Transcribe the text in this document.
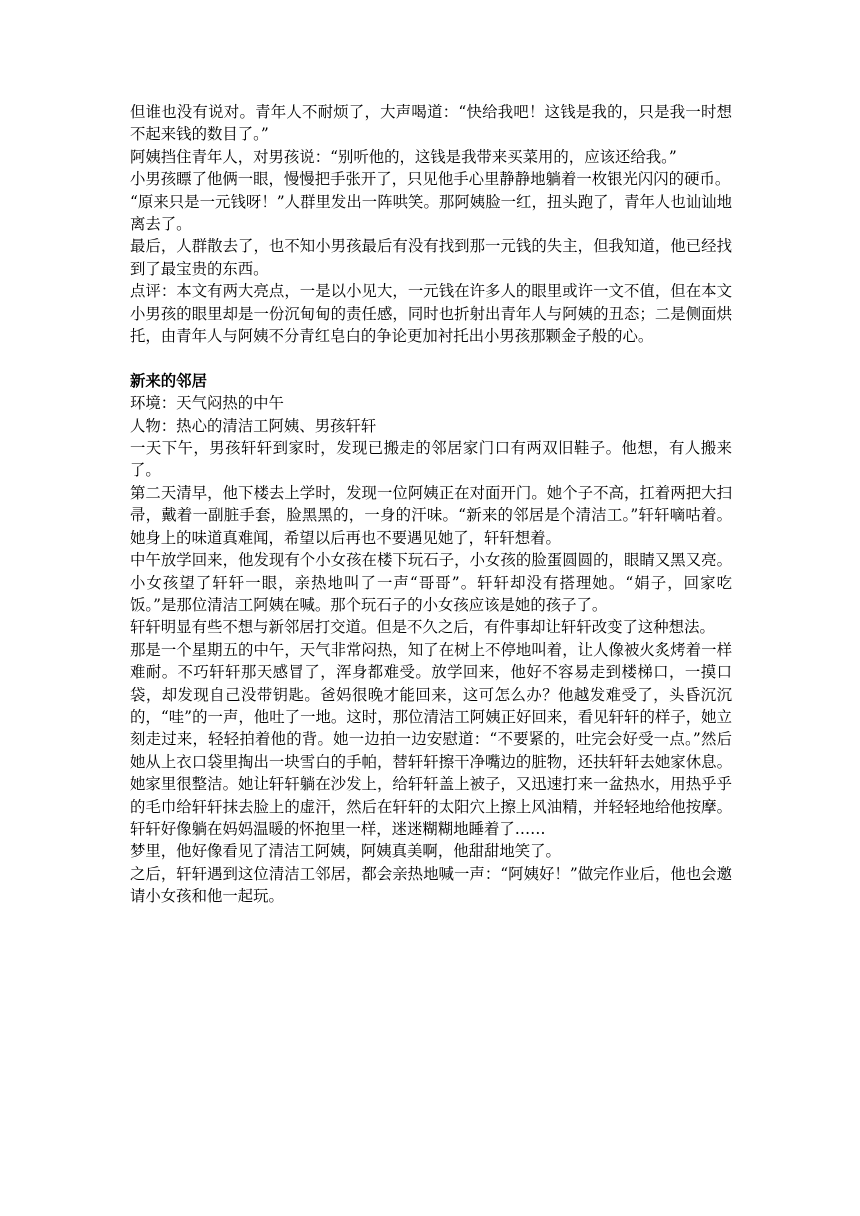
但谁也没有说对。青年人不耐烦了，大声喝道：“快给我吧！这钱是我的，只是我一时想不起来钱的数目了。”

阿姨挡住青年人，对男孩说：“别听他的，这钱是我带来买菜用的，应该还给我。”

小男孩瞟了他俩一眼，慢慢把手张开了，只见他手心里静静地躺着一枚银光闪闪的硬币。

“原来只是一元钱呀！”人群里发出一阵哄笑。那阿姨脸一红，扭头跑了，青年人也讪讪地离去了。

最后，人群散去了，也不知小男孩最后有没有找到那一元钱的失主，但我知道，他已经找到了最宝贵的东西。

点评：本文有两大亮点，一是以小见大，一元钱在许多人的眼里或许一文不值，但在本文小男孩的眼里却是一份沉甸甸的责任感，同时也折射出青年人与阿姨的丑态；二是侧面烘托，由青年人与阿姨不分青红皂白的争论更加衬托出小男孩那颗金子般的心。

新来的邻居

环境：天气闷热的中午

人物：热心的清洁工阿姨、男孩轩轩

一天下午，男孩轩轩到家时，发现已搬走的邻居家门口有两双旧鞋子。他想，有人搬来了。

第二天清早，他下楼去上学时，发现一位阿姨正在对面开门。她个子不高，扛着两把大扫帚，戴着一副脏手套，脸黑黑的，一身的汗味。“新来的邻居是个清洁工。”轩轩嘀咕着。她身上的味道真难闻，希望以后再也不要遇见她了，轩轩想着。

中午放学回来，他发现有个小女孩在楼下玩石子，小女孩的脸蛋圆圆的，眼睛又黑又亮。小女孩望了轩轩一眼，亲热地叫了一声“哥哥”。轩轩却没有搭理她。“娟子，回家吃饭。”是那位清洁工阿姨在喊。那个玩石子的小女孩应该是她的孩子了。

轩轩明显有些不想与新邻居打交道。但是不久之后，有件事却让轩轩改变了这种想法。

那是一个星期五的中午，天气非常闷热，知了在树上不停地叫着，让人像被火炙烤着一样难耐。不巧轩轩那天感冒了，浑身都难受。放学回来，他好不容易走到楼梯口，一摸口袋，却发现自己没带钥匙。爸妈很晚才能回来，这可怎么办？他越发难受了，头昏沉沉的，“哇”的一声，他吐了一地。这时，那位清洁工阿姨正好回来，看见轩轩的样子，她立刻走过来，轻轻拍着他的背。她一边拍一边安慰道：“不要紧的，吐完会好受一点。”然后她从上衣口袋里掏出一块雪白的手帕，替轩轩擦干净嘴边的脏物，还扶轩轩去她家休息。她家里很整洁。她让轩轩躺在沙发上，给轩轩盖上被子，又迅速打来一盆热水，用热乎乎的毛巾给轩轩抹去脸上的虚汗，然后在轩轩的太阳穴上擦上风油精，并轻轻地给他按摩。轩轩好像躺在妈妈温暖的怀抱里一样，迷迷糊糊地睡着了……

梦里，他好像看见了清洁工阿姨，阿姨真美啊，他甜甜地笑了。

之后，轩轩遇到这位清洁工邻居，都会亲热地喊一声：“阿姨好！”做完作业后，他也会邀请小女孩和他一起玩。
